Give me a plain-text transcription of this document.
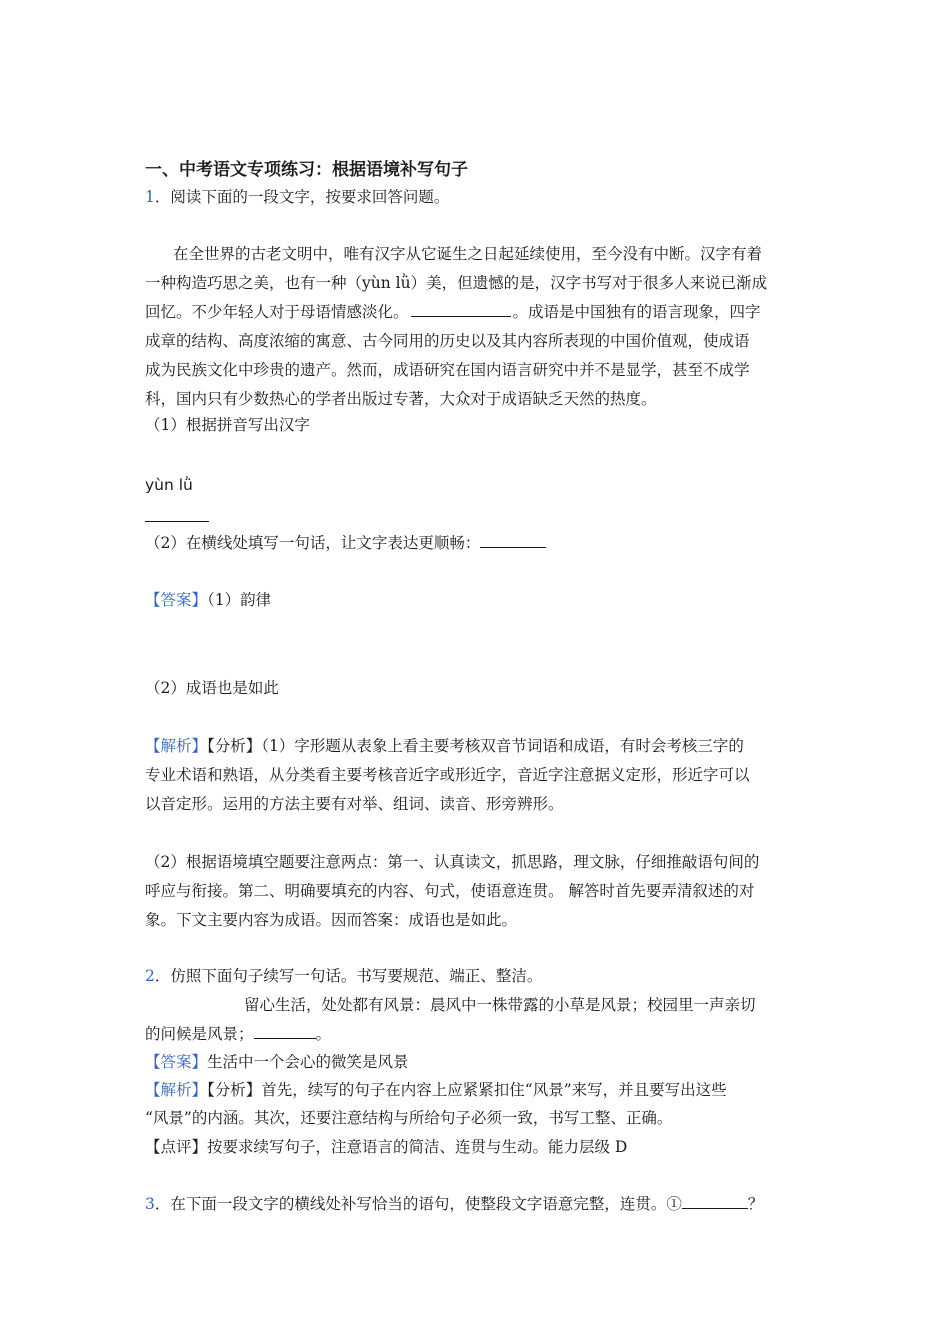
一、中考语文专项练习：根据语境补写句子
1．阅读下面的一段文字，按要求回答问题。
在全世界的古老文明中，唯有汉字从它诞生之日起延续使用，至今没有中断。汉字有着
一种构造巧思之美，也有一种（yùn lǜ）美，但遗憾的是，汉字书写对于很多人来说已渐成
回忆。不少年轻人对于母语情感淡化。	。成语是中国独有的语言现象，四字
成章的结构、高度浓缩的寓意、古今同用的历史以及其内容所表现的中国价值观，使成语
成为民族文化中珍贵的遗产。然而，成语研究在国内语言研究中并不是显学，甚至不成学
科，国内只有少数热心的学者出版过专著，大众对于成语缺乏天然的热度。
（1）根据拼音写出汉字
yùn lǜ
（2）在横线处填写一句话，让文字表达更顺畅：
【答案】（1）韵律
（2）成语也是如此
【解析】【分析】（1）字形题从表象上看主要考核双音节词语和成语，有时会考核三字的
专业术语和熟语，从分类看主要考核音近字或形近字，音近字注意据义定形，形近字可以
以音定形。运用的方法主要有对举、组词、读音、形旁辨形。
（2）根据语境填空题要注意两点：第一、认真读文，抓思路，理文脉，仔细推敲语句间的
呼应与衔接。第二、明确要填充的内容、句式，使语意连贯。 解答时首先要弄清叙述的对
象。下文主要内容为成语。因而答案：成语也是如此。
2．仿照下面句子续写一句话。书写要规范、端正、整洁。
留心生活，处处都有风景：晨风中一株带露的小草是风景；校园里一声亲切
的问候是风景；	。
【答案】生活中一个会心的微笑是风景
【解析】【分析】首先，续写的句子在内容上应紧紧扣住“风景”来写，并且要写出这些
“风景”的内涵。其次，还要注意结构与所给句子必须一致，书写工整、正确。
【点评】按要求续写句子，注意语言的简洁、连贯与生动。能力层级 D
3．在下面一段文字的横线处补写恰当的语句，使整段文字语意完整，连贯。①	？
